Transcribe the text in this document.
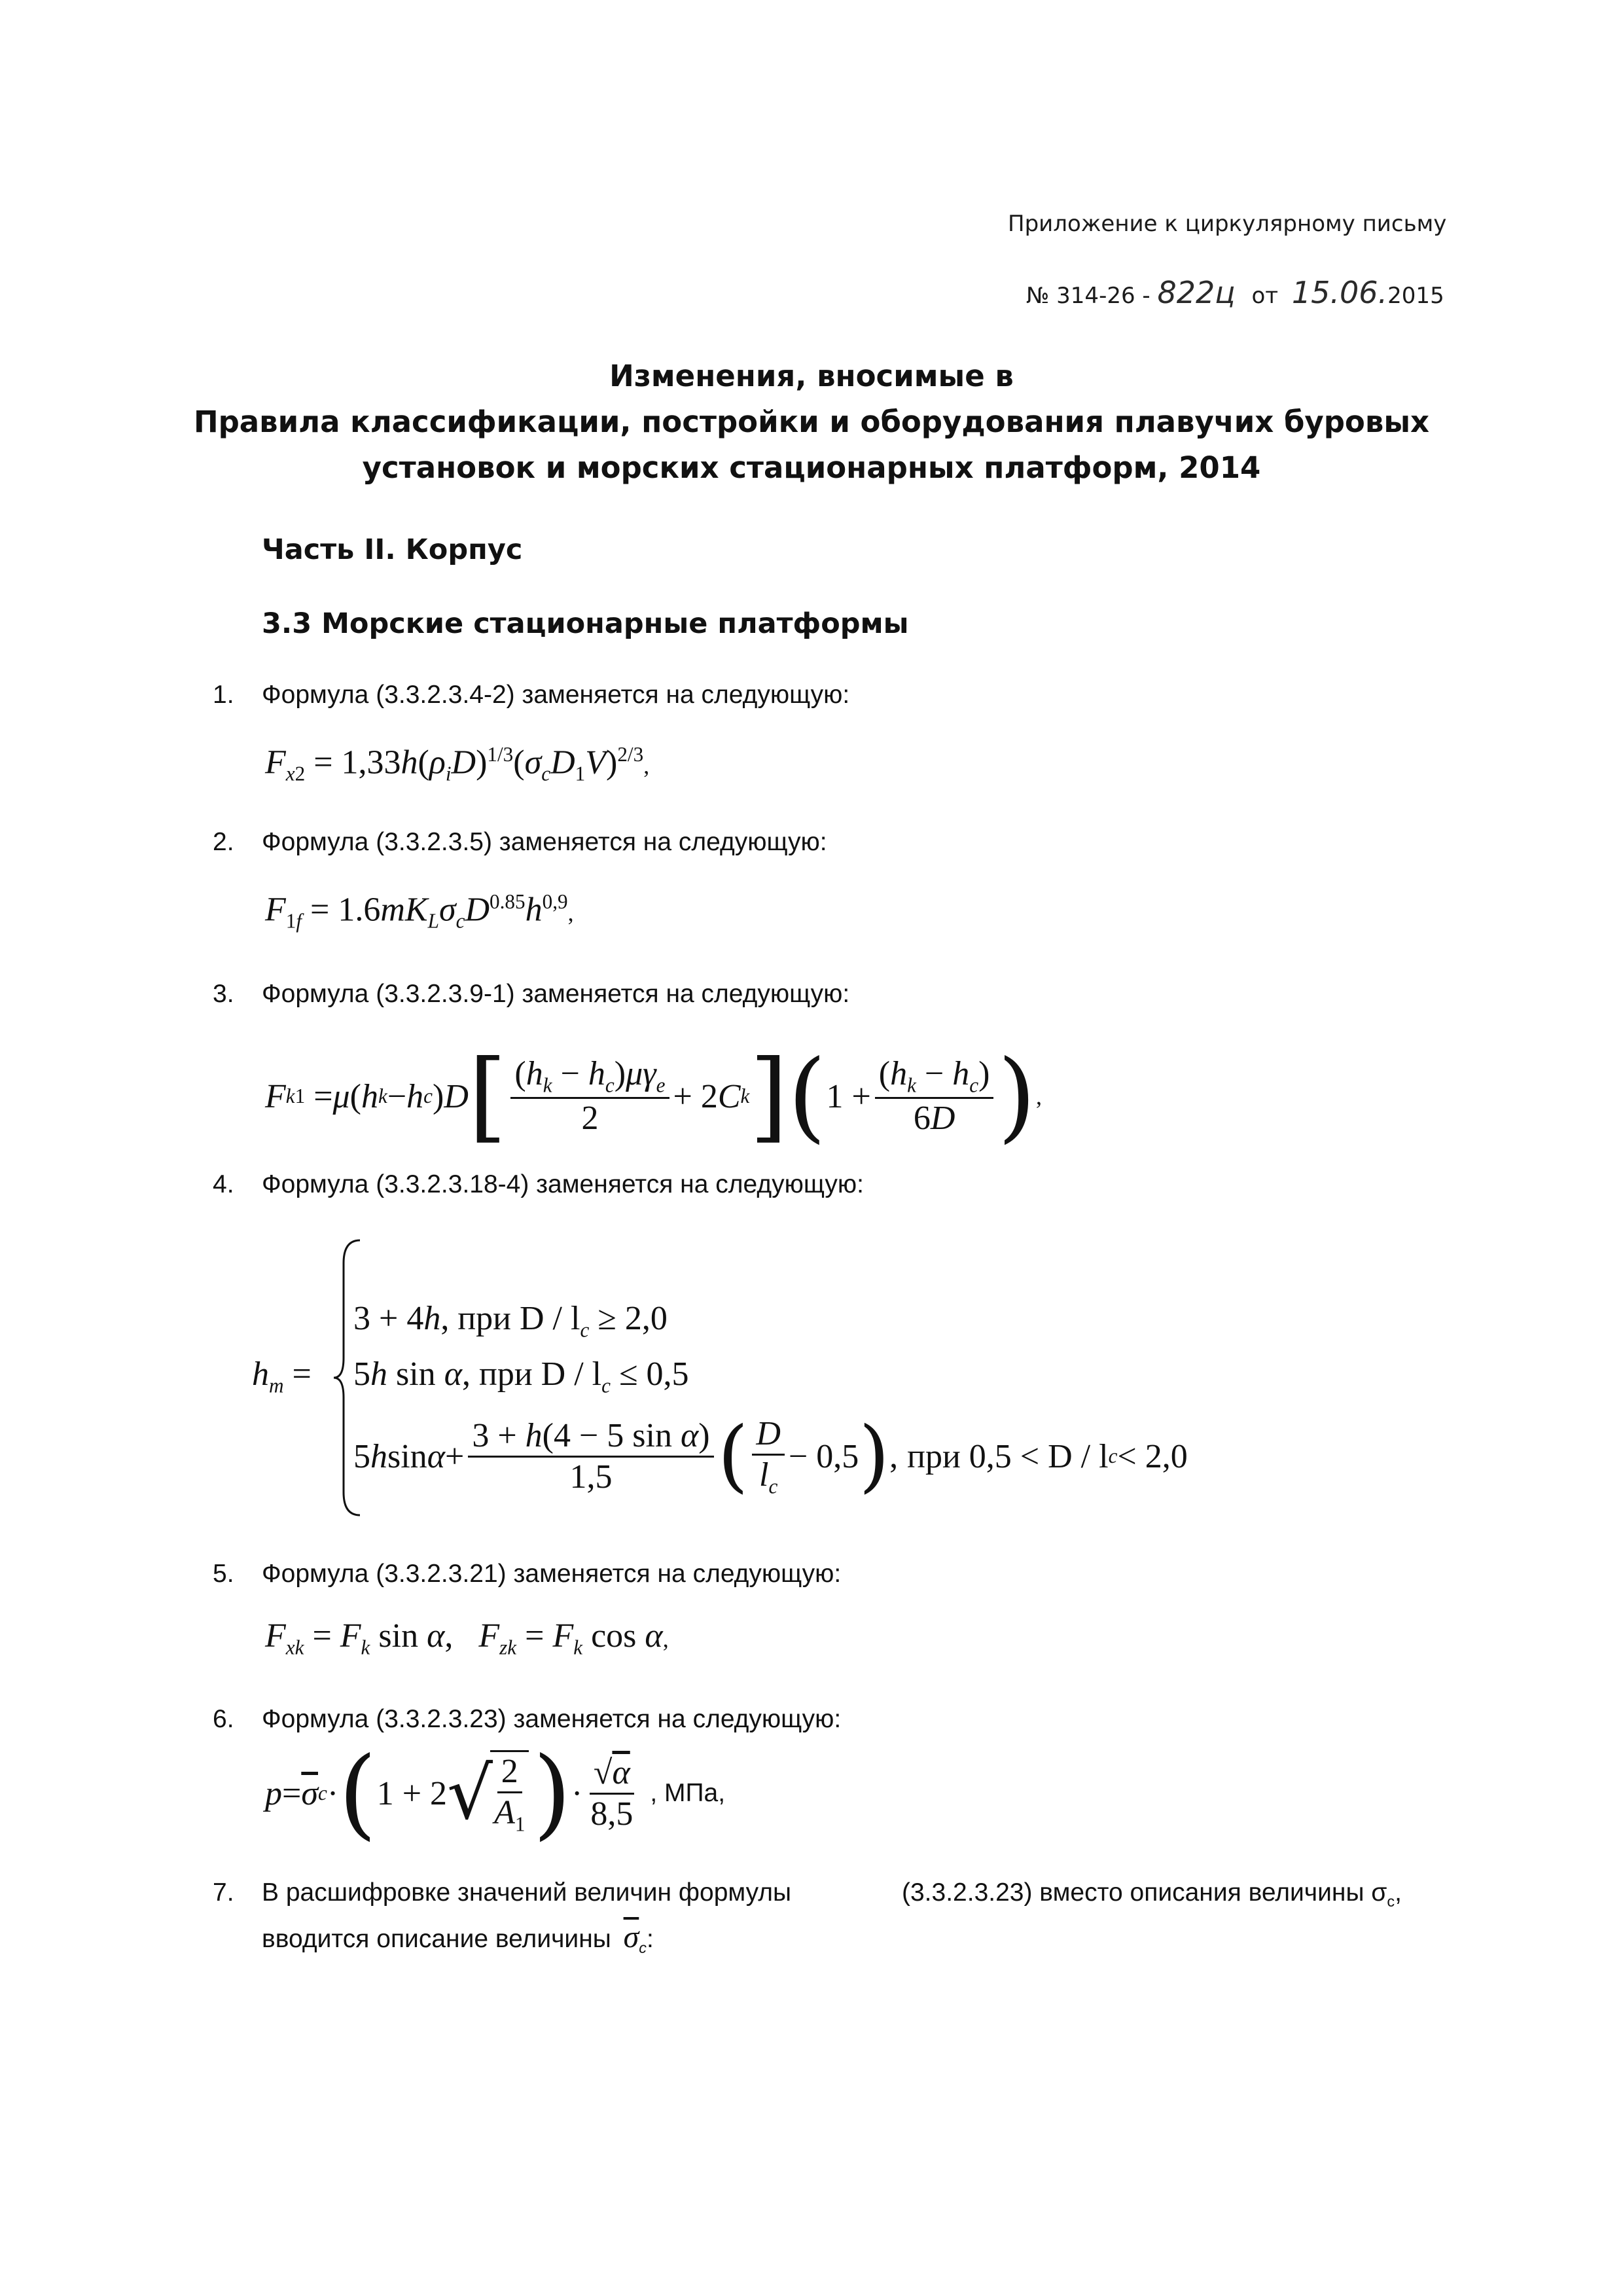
Приложение к циркулярному письму
№ 314-26 - 822ц от 15.06.2015
Изменения, вносимые в
Правила классификации, постройки и оборудования плавучих буровых
установок и морских стационарных платформ, 2014
Часть II. Корпус
3.3 Морские стационарные платформы
1. Формула (3.3.2.3.4-2) заменяется на следующую:
$F_{x2} = 1,33h(\rho_iD)^{1/3}(\sigma_cD_1V)^{2/3}$,
2. Формула (3.3.2.3.5) заменяется на следующую:
$F_{1f} = 1.6mK_L\sigma_cD^{0.85}h^{0,9}$,
3. Формула (3.3.2.3.9-1) заменяется на следующую:
F k 1 = μ ( h k − h c ) D [ $\frac{(h_k - h_c)\mu\gamma_e}{2} + 2$ C k ] ( $1 + \frac{(h_k - h_c)}{6D}$ ) ,
4. Формула (3.3.2.3.18-4) заменяется на следующую:
$h_m$ =
3 + 4h, при $D / l_c \ge 2,0$
5h sin α, при $D / l_c \le 0,5$
5 h $\sin \alpha + \frac{\text{3 + h(4 − 5 sin α)}}{1,5}$ ( $\frac{D}{l_c} - 0,5$ ) , при 0,5 < D / l c < 2,0
5. Формула (3.3.2.3.21) заменяется на следующую:
$F_{xk} = F_k$ sin α,   $F_{zk} = F_k$ cos α,
6. Формула (3.3.2.3.23) заменяется на следующую:
$p = \overline{\sigma}$ c · ( 1 + 2 √
$\frac{2}{A_1}$ ) · $\frac{√\alpha}{8,5}$ , МПа,
7. В расшифровке значений величин формулы	(3.3.2.3.23) вместо описания величины $\sigma_c$,
вводится описание величины $\overline{\sigma}_c$:
